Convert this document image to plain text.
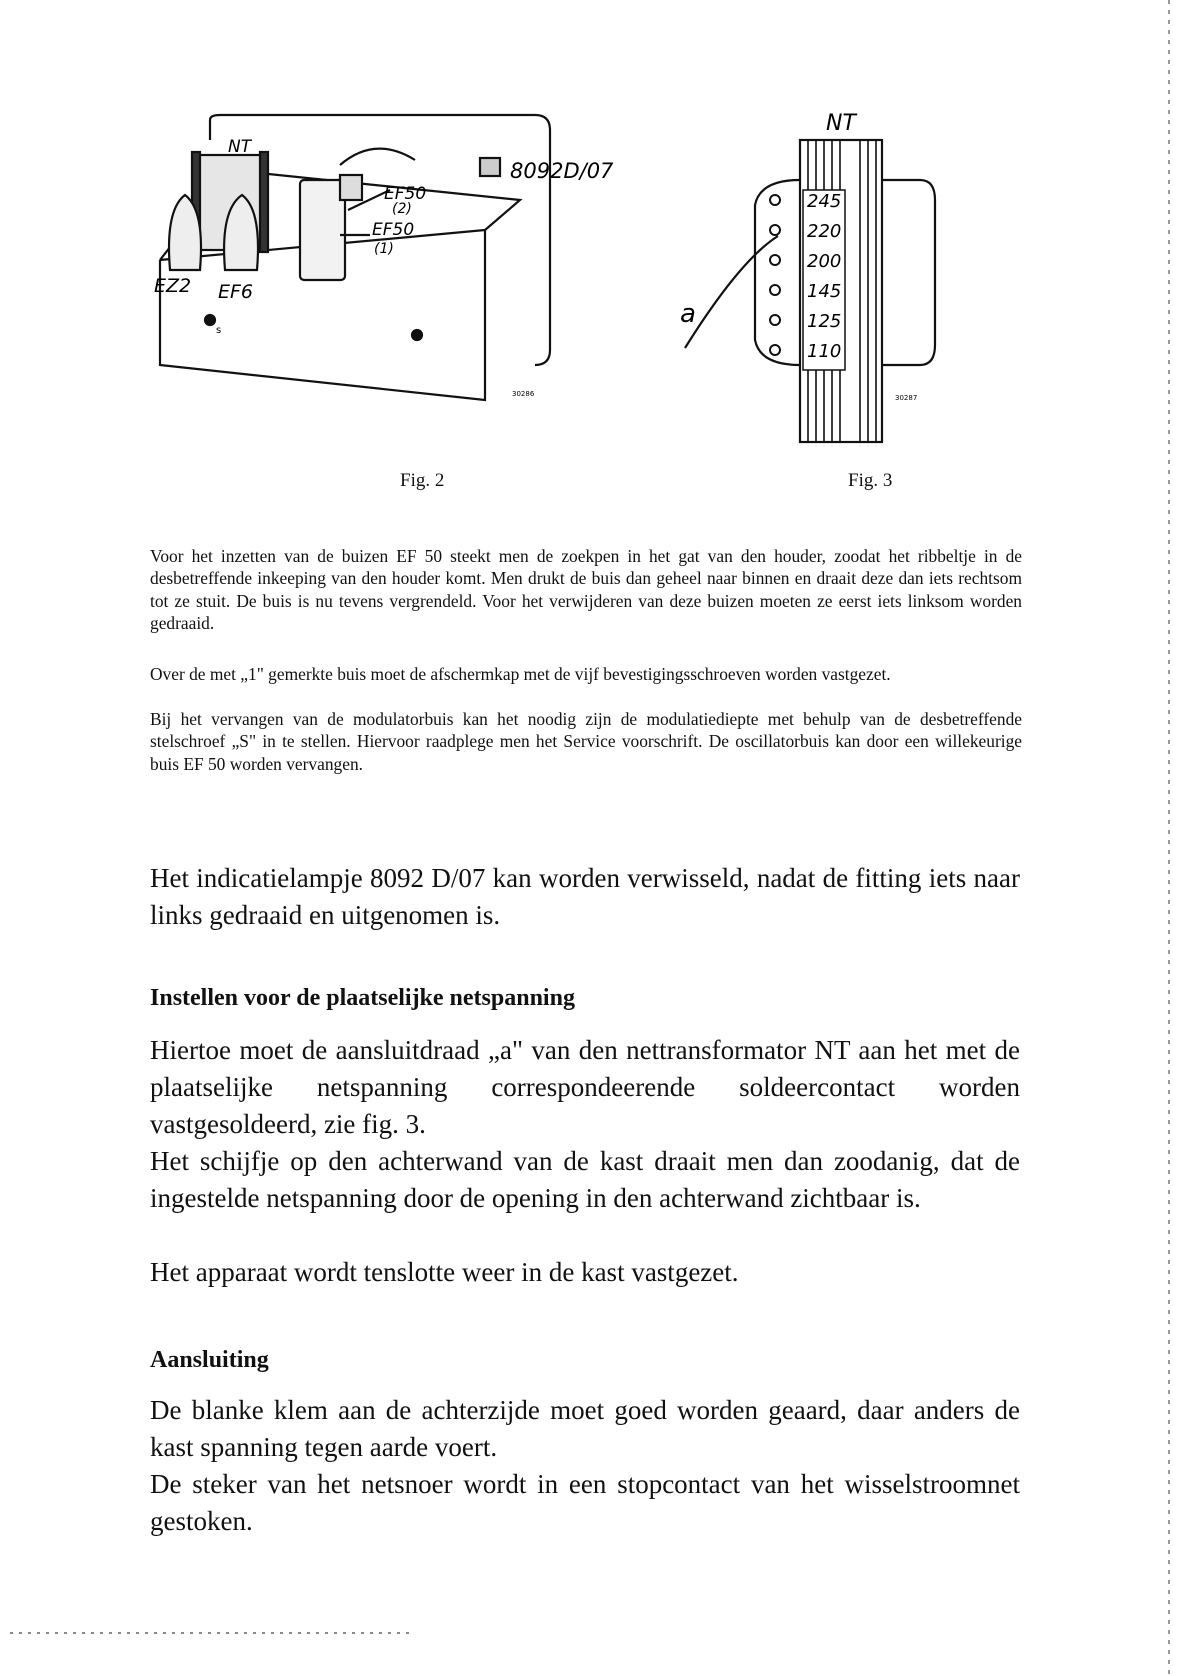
NT
8092D/07
EF50
(2)
EF50
(1)
EZ2 EF6
s
30286
245
220
200
145
125
110
NT
a
30287
Fig. 2	Fig. 3
Voor het inzetten van de buizen EF 50 steekt men de zoekpen in het gat van den houder, zoodat het ribbeltje in de desbetreffende inkeeping van den houder komt. Men drukt de buis dan geheel naar binnen en draait deze dan iets rechtsom tot ze stuit. De buis is nu tevens vergrendeld. Voor het verwijderen van deze buizen moeten ze eerst iets linksom worden gedraaid.
Over de met „1" gemerkte buis moet de afschermkap met de vijf bevestigingsschroeven worden vastgezet.
Bij het vervangen van de modulatorbuis kan het noodig zijn de modulatiediepte met behulp van de desbetreffende stelschroef „S" in te stellen. Hiervoor raadplege men het Service voorschrift. De oscillatorbuis kan door een willekeurige buis EF 50 worden vervangen.

Het indicatielampje 8092 D/07 kan worden verwisseld, nadat de fitting iets naar links gedraaid en uitgenomen is.

Instellen voor de plaatselijke netspanning

Hiertoe moet de aansluitdraad „a" van den nettransformator NT aan het met de plaatselijke netspanning correspondeerende soldeercontact worden vastgesoldeerd, zie fig. 3.

Het schijfje op den achterwand van de kast draait men dan zoodanig, dat de ingestelde netspanning door de opening in den achterwand zichtbaar is.

Het apparaat wordt tenslotte weer in de kast vastgezet.

Aansluiting

De blanke klem aan de achterzijde moet goed worden geaard, daar anders de kast spanning tegen aarde voert.

De steker van het netsnoer wordt in een stopcontact van het wisselstroomnet gestoken.
